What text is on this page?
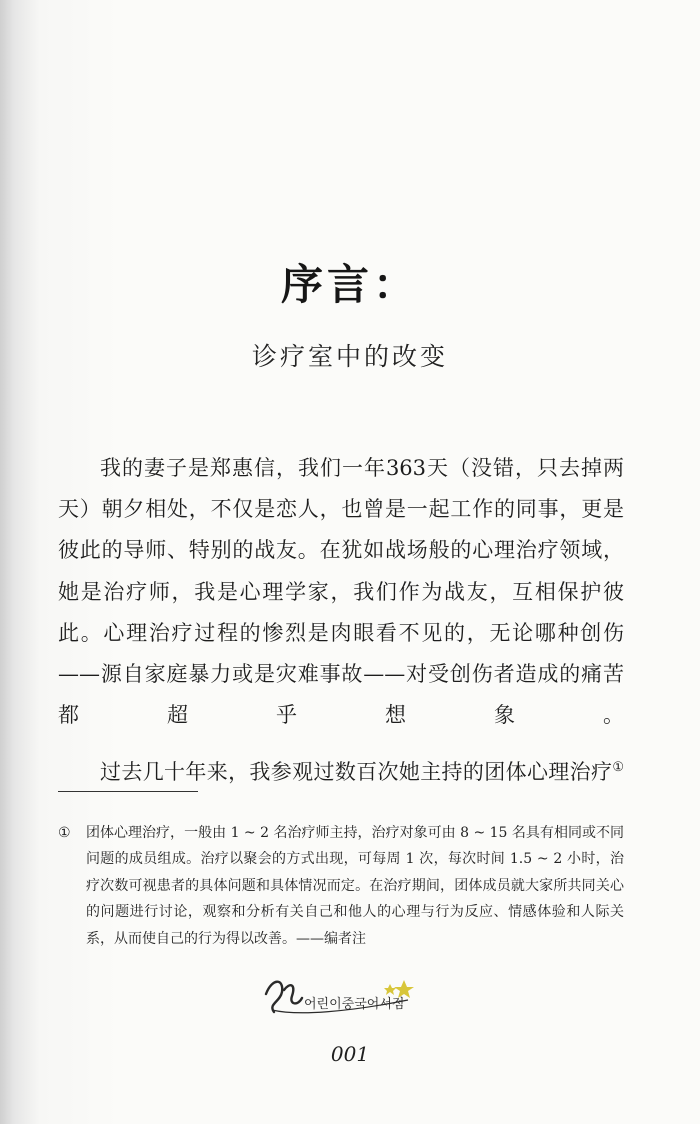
序言：
诊疗室中的改变

我的妻子是郑惠信，我们一年363天（没错，只去掉两天）朝夕相处，不仅是恋人，也曾是一起工作的同事，更是彼此的导师、特别的战友。在犹如战场般的心理治疗领域，她是治疗师，我是心理学家，我们作为战友，互相保护彼此。心理治疗过程的惨烈是肉眼看不见的，无论哪种创伤——源自家庭暴力或是灾难事故——对受创伤者造成的痛苦都超乎想象。

过去几十年来，我参观过数百次她主持的团体心理治疗①

①	团体心理治疗，一般由 1 ~ 2 名治疗师主持，治疗对象可由 8 ~ 15 名具有相同或不同问题的成员组成。治疗以聚会的方式出现，可每周 1 次，每次时间 1.5 ~ 2 小时，治疗次数可视患者的具体问题和具体情况而定。在治疗期间，团体成员就大家所共同关心的问题进行讨论，观察和分析有关自己和他人的心理与行为反应、情感体验和人际关系，从而使自己的行为得以改善。——编者注
어린이중국어서점
001
